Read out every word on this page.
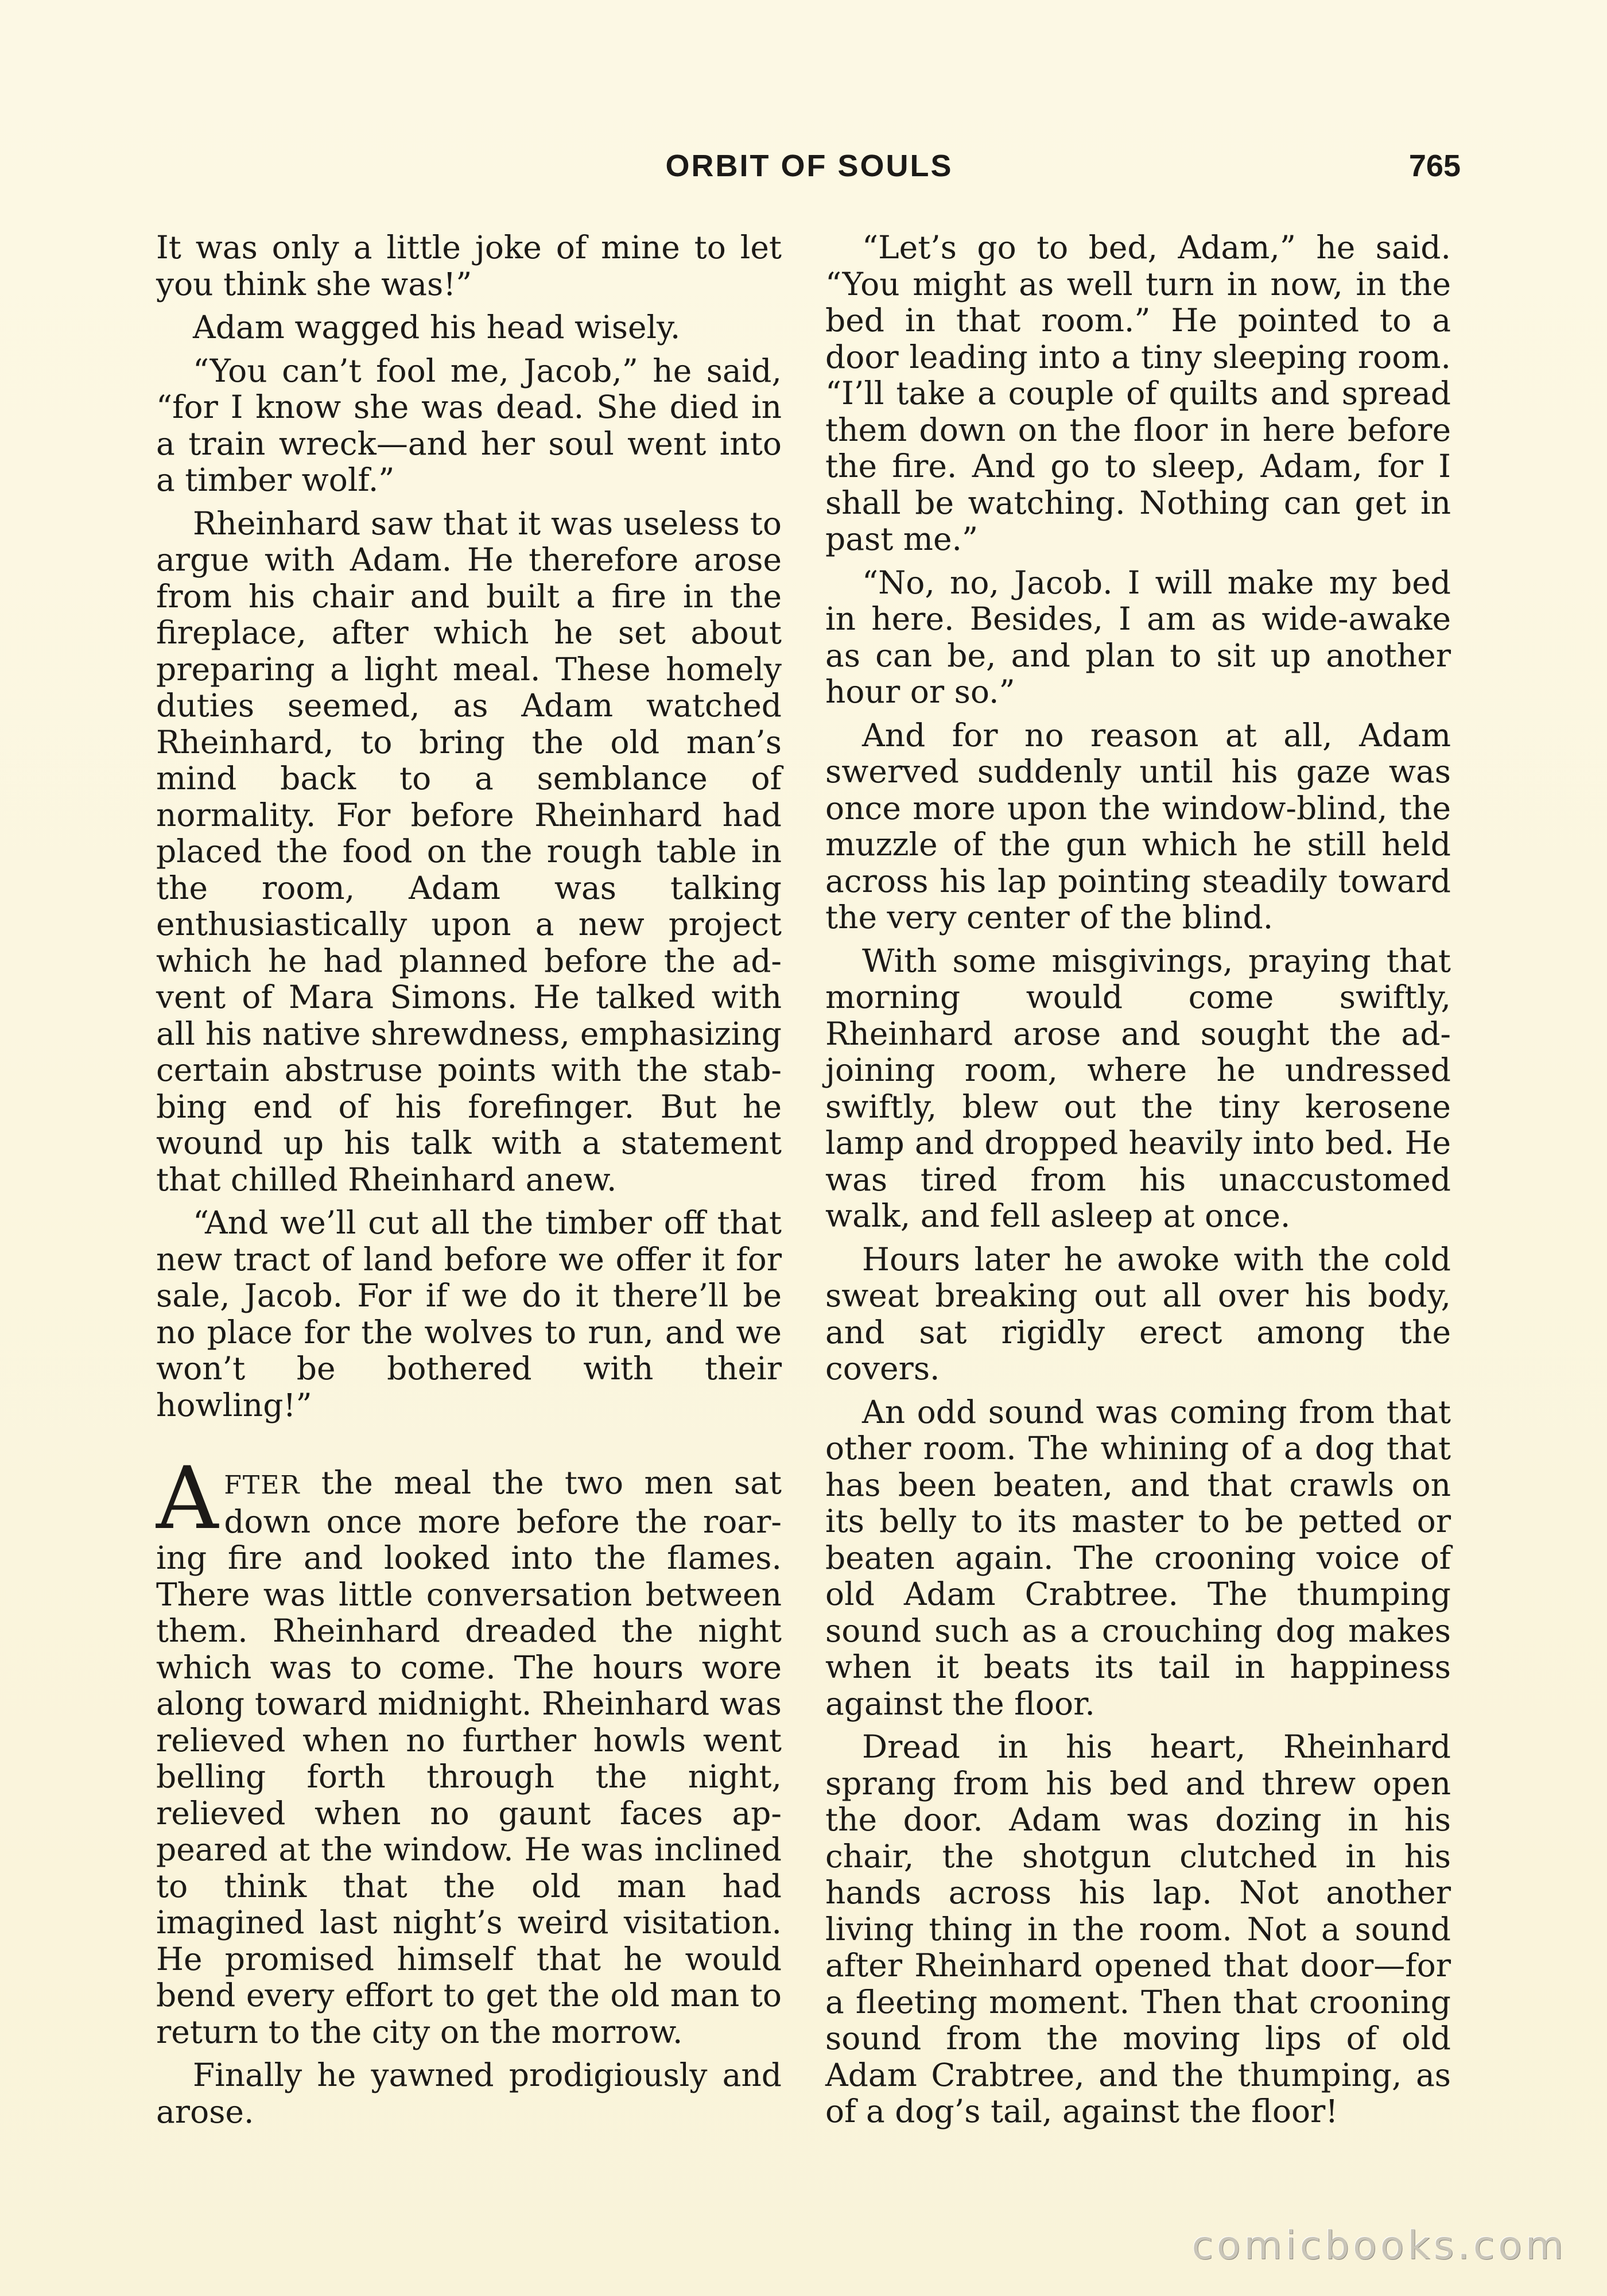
ORBIT OF SOULS	765

It was only a little joke of mine to let you think she was!”

Adam wagged his head wisely.

“You can’t fool me, Jacob,” he said, “for I know she was dead. She died in a train wreck—and her soul went into a timber wolf.”

Rheinhard saw that it was useless to argue with Adam. He therefore arose from his chair and built a fire in the fireplace, after which he set about preparing a light meal. These homely duties seemed, as Adam watched Rheinhard, to bring the old man’s mind back to a semblance of normality. For before Rheinhard had placed the food on the rough table in the room, Adam was talking enthusiastically upon a new project which he had planned before the advent of Mara Simons. He talked with all his native shrewdness, emphasizing certain abstruse points with the stabbing end of his forefinger. But he wound up his talk with a statement that chilled Rheinhard anew.

“And we’ll cut all the timber off that new tract of land before we offer it for sale, Jacob. For if we do it there’ll be no place for the wolves to run, and we won’t be bothered with their howling!”

AFTER the meal the two men sat down once more before the roaring fire and looked into the flames. There was little conversation between them. Rheinhard dreaded the night which was to come. The hours wore along toward midnight. Rheinhard was relieved when no further howls went belling forth through the night, relieved when no gaunt faces appeared at the window. He was inclined to think that the old man had imagined last night’s weird visitation. He promised himself that he would bend every effort to get the old man to return to the city on the morrow.

Finally he yawned prodigiously and arose.

“Let’s go to bed, Adam,” he said. “You might as well turn in now, in the bed in that room.” He pointed to a door leading into a tiny sleeping room. “I’ll take a couple of quilts and spread them down on the floor in here before the fire. And go to sleep, Adam, for I shall be watching. Nothing can get in past me.”

“No, no, Jacob. I will make my bed in here. Besides, I am as wide-awake as can be, and plan to sit up another hour or so.”

And for no reason at all, Adam swerved suddenly until his gaze was once more upon the window-blind, the muzzle of the gun which he still held across his lap pointing steadily toward the very center of the blind.

With some misgivings, praying that morning would come swiftly, Rheinhard arose and sought the adjoining room, where he undressed swiftly, blew out the tiny kerosene lamp and dropped heavily into bed. He was tired from his unaccustomed walk, and fell asleep at once.

Hours later he awoke with the cold sweat breaking out all over his body, and sat rigidly erect among the covers.

An odd sound was coming from that other room. The whining of a dog that has been beaten, and that crawls on its belly to its master to be petted or beaten again. The crooning voice of old Adam Crabtree. The thumping sound such as a crouching dog makes when it beats its tail in happiness against the floor.

Dread in his heart, Rheinhard sprang from his bed and threw open the door. Adam was dozing in his chair, the shotgun clutched in his hands across his lap. Not another living thing in the room. Not a sound after Rheinhard opened that door—for a fleeting moment. Then that crooning sound from the moving lips of old Adam Crabtree, and the thumping, as of a dog’s tail, against the floor!

comicbooks.com
